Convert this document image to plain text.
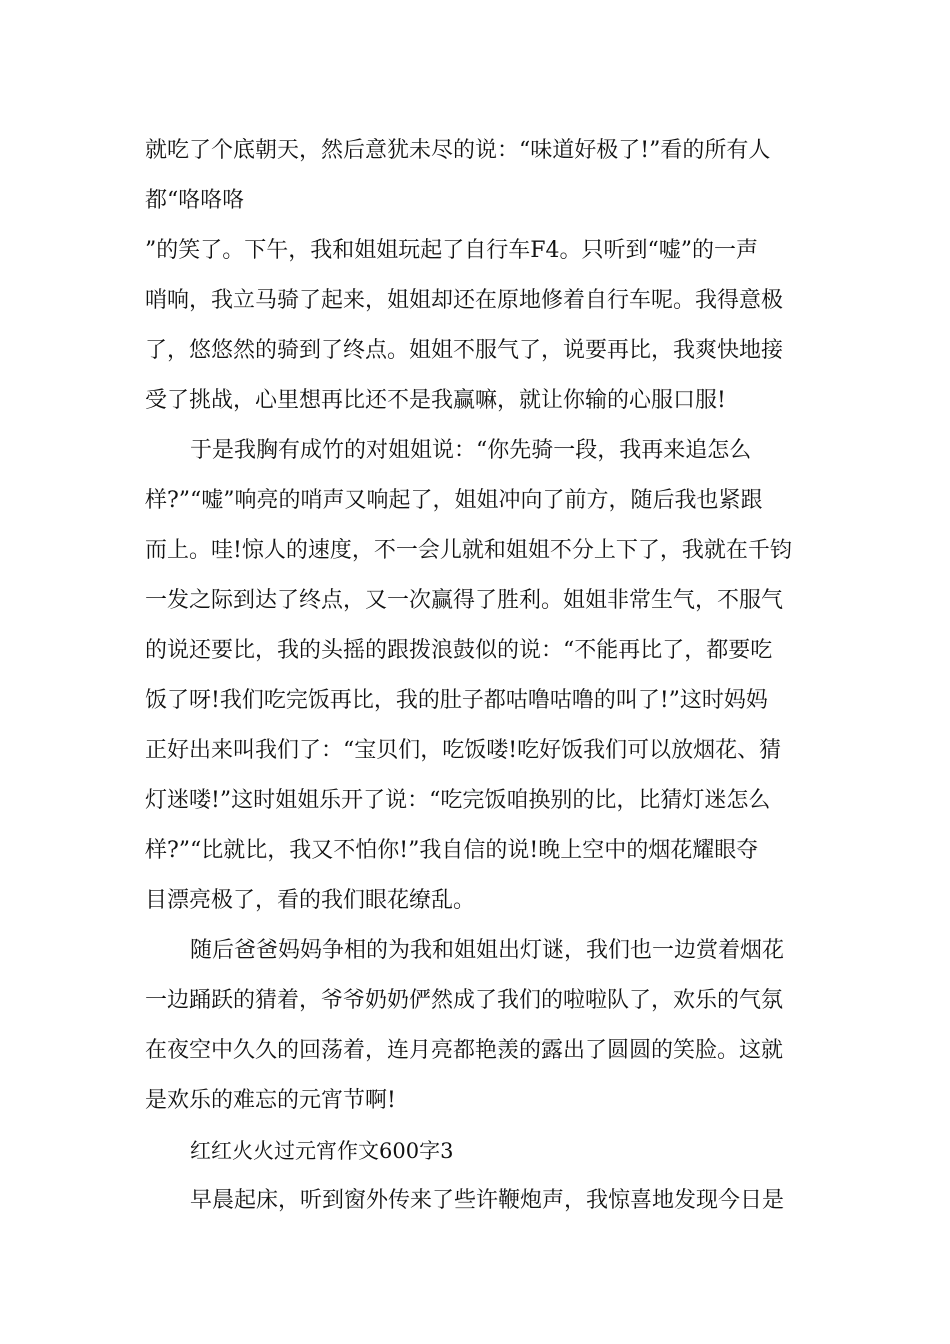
就吃了个底朝天，然后意犹未尽的说：“味道好极了!”看的所有人
都“咯咯咯
”的笑了。下午，我和姐姐玩起了自行车F4。只听到“嘘”的一声
哨响，我立马骑了起来，姐姐却还在原地修着自行车呢。我得意极
了，悠悠然的骑到了终点。姐姐不服气了，说要再比，我爽快地接
受了挑战，心里想再比还不是我赢嘛，就让你输的心服口服!
于是我胸有成竹的对姐姐说：“你先骑一段，我再来追怎么
样?”“嘘”响亮的哨声又响起了，姐姐冲向了前方，随后我也紧跟
而上。哇!惊人的速度，不一会儿就和姐姐不分上下了，我就在千钧
一发之际到达了终点，又一次赢得了胜利。姐姐非常生气，不服气
的说还要比，我的头摇的跟拨浪鼓似的说：“不能再比了，都要吃
饭了呀!我们吃完饭再比，我的肚子都咕噜咕噜的叫了!”这时妈妈
正好出来叫我们了：“宝贝们，吃饭喽!吃好饭我们可以放烟花、猜
灯迷喽!”这时姐姐乐开了说：“吃完饭咱换别的比，比猜灯迷怎么
样?”“比就比，我又不怕你!”我自信的说!晚上空中的烟花耀眼夺
目漂亮极了，看的我们眼花缭乱。
随后爸爸妈妈争相的为我和姐姐出灯谜，我们也一边赏着烟花
一边踊跃的猜着，爷爷奶奶俨然成了我们的啦啦队了，欢乐的气氛
在夜空中久久的回荡着，连月亮都艳羡的露出了圆圆的笑脸。这就
是欢乐的难忘的元宵节啊!
红红火火过元宵作文600字3
早晨起床，听到窗外传来了些许鞭炮声，我惊喜地发现今日是
